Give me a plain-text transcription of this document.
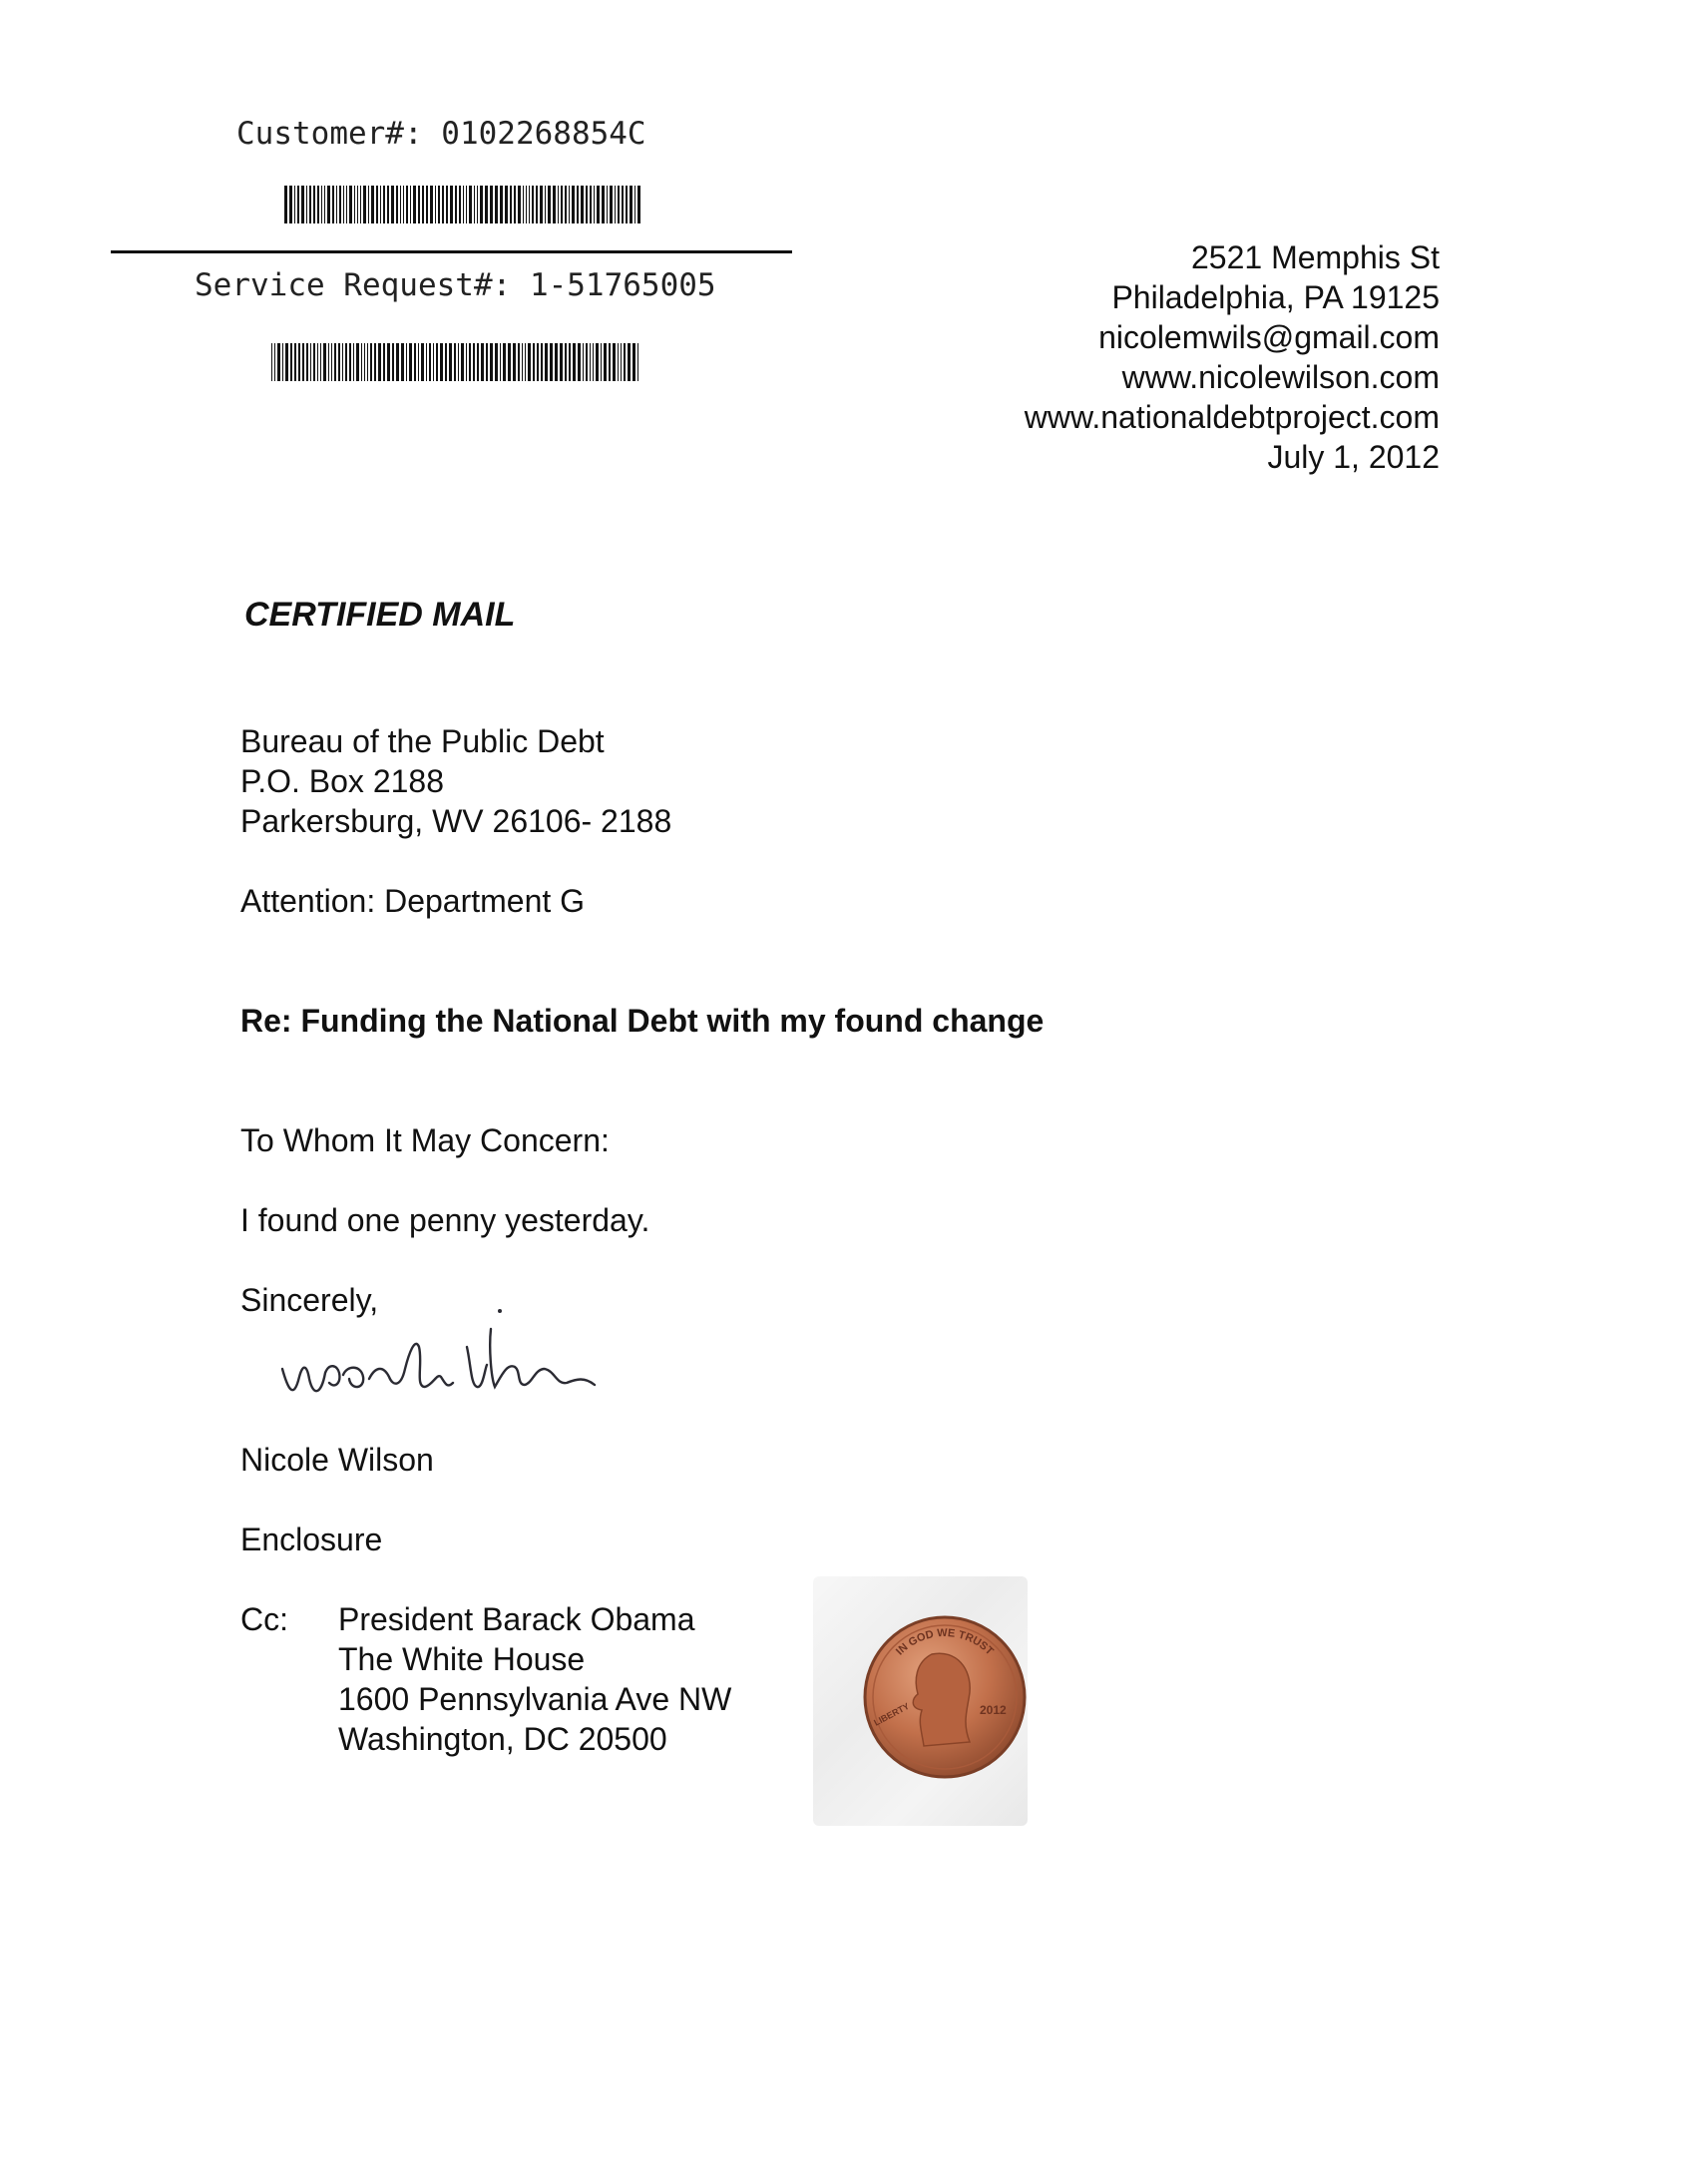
Customer#: 0102268854C
Service Request#: 1-51765005
2521 Memphis St
Philadelphia, PA 19125
nicolemwils@gmail.com
www.nicolewilson.com
www.nationaldebtproject.com
July 1, 2012
CERTIFIED MAIL
Bureau of the Public Debt
P.O. Box 2188
Parkersburg, WV 26106- 2188
Attention: Department G
Re: Funding the National Debt with my found change
To Whom It May Concern:
I found one penny yesterday.
Sincerely,
Nicole Wilson
Enclosure
Cc: President Barack Obama
The White House
1600 Pennsylvania Ave NW
Washington, DC 20500
IN GOD WE TRUST
LIBERTY	2012
